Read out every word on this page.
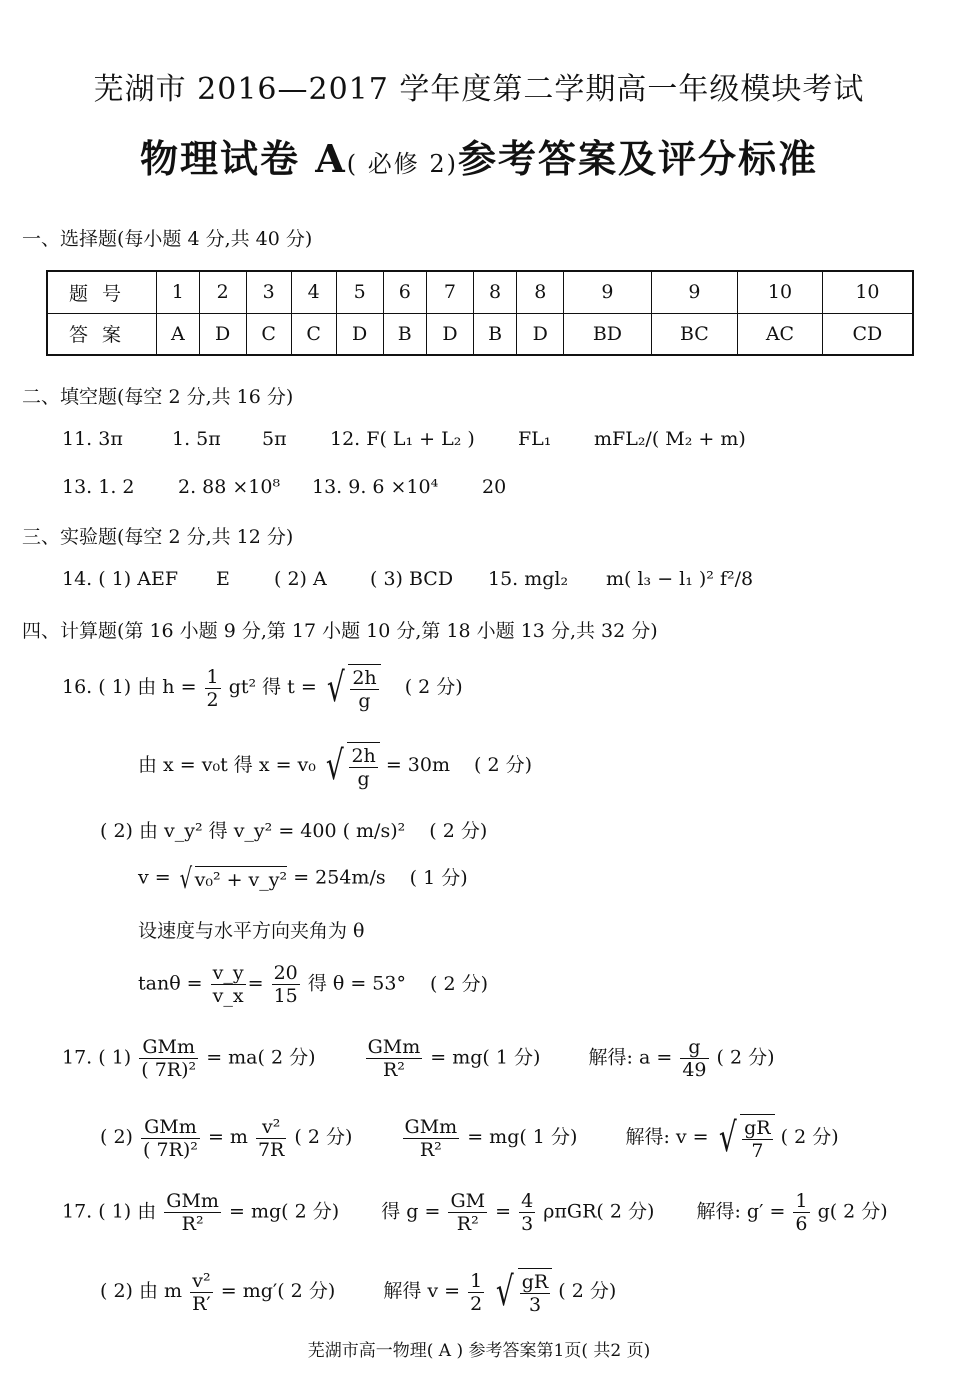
芜湖市 2016—2017 学年度第二学期高一年级模块考试
物理试卷 A( 必修 2)参考答案及评分标准
一、选择题(每小题 4 分,共 40 分)
题号	1	2	3	4	5	6	7	8	8	9	9	10	10
答案	A	D	C	C	D	B	D	B	D	BD	BC	AC	CD
二、填空题(每空 2 分,共 16 分)
11. 3π	1. 5π 5π 12. F( L₁ + L₂ ) FL₁ mFL₂/( M₂ + m)
13. 1. 2 2. 88 ×10⁸ 13. 9. 6 ×10⁴ 20
三、实验题(每空 2 分,共 12 分)
14. ( 1) AEF E ( 2) A ( 3) BCD 15. mgl₂ m( l₃ − l₁ )² f²/8
四、计算题(第 16 小题 9 分,第 17 小题 10 分,第 18 小题 13 分,共 32 分)
16. ( 1) 由 $h = \frac{1}{2} gt^2$ 得 t = √ $\frac{2h}{g}$ ( 2 分)
由 x = v₀t 得 x = v₀ √ $\frac{2h}{g} = 30m$ ( 2 分)
( 2) 由 v_y² 得 v_y² = 400 ( m/s)² ( 2 分)
v = √ v₀² + v_y² = 254m/s ( 1 分)
设速度与水平方向夹角为 θ
$\tan\theta = \frac{v\_y}{v\_x} = \frac{20}{15}$ 得 θ = 53° ( 2 分)
17. ( $1) \frac{\text{GMm}}{\text{( 7R)²}} = ma$( 2 分)	$\frac{\text{GMm}}{\text{R²}} = mg$( 1 分)	解得: $a = \frac{g}{49}$ ( 2 分)
( $2) \frac{\text{GMm}}{\text{( 7R)²}} = m \frac{\text{v²}}{7R}$ ( 2 分)	$\frac{\text{GMm}}{\text{R²}} = mg$( 1 分)	解得: v = √ $\frac{gR}{7}$ ( 2 分)
17. ( 1) 由 $\frac{\text{GMm}}{\text{R²}} = mg$( 2 分) 得 $g = \frac{GM}{\text{R²}} = \frac{4}{3} \rho\pi GR$( 2 分) 解得: $g' = \frac{1}{6} g$( 2 分)
( 2) 由 m $\frac{\text{v²}}{R'} = mg'$( 2 分)	解得 $v = \frac{1}{2}$ √ $\frac{gR}{3}$ ( 2 分)
芜湖市高一物理( A ) 参考答案第1页( 共2 页)
